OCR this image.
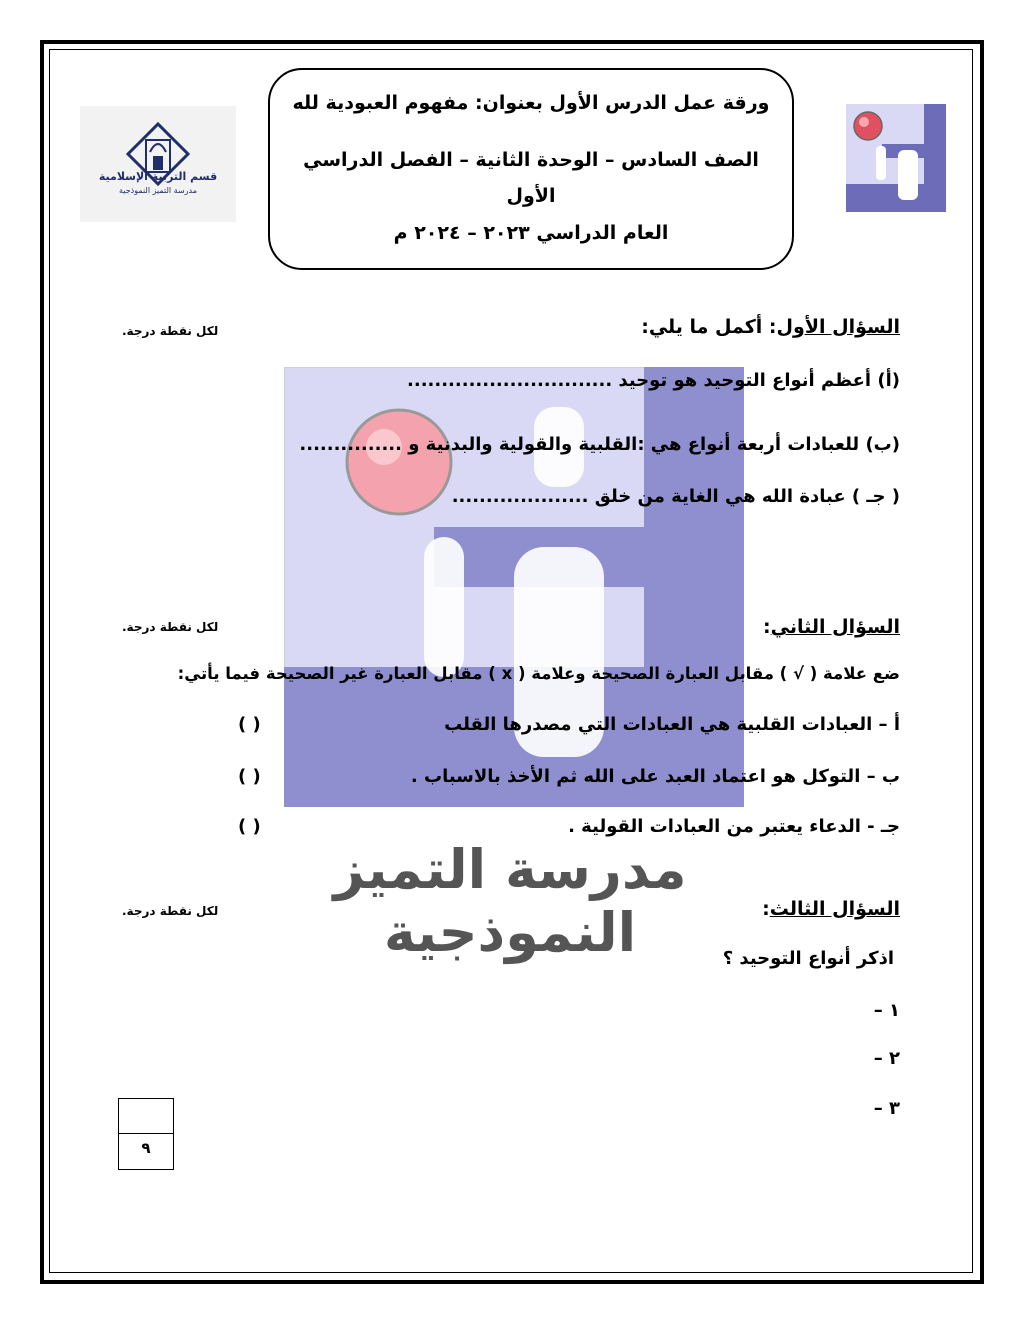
مدرسة التميز النموذجية
ورقة عمل الدرس الأول بعنوان: مفهوم العبودية لله
الصف السادس – الوحدة الثانية – الفصل الدراسي الأول
العام الدراسي ٢٠٢٣ – ٢٠٢٤ م
قسم التربية الإسلامية
مدرسة التميز النموذجية
السؤال الأول: أكمل ما يلي:
لكل نقطة درجة.
(أ) أعظم أنواع التوحيد هو توحيد ..............................
(ب) للعبادات أربعة أنواع هي :القلبية والقولية والبدنية و ...............
( جـ ) عبادة الله هي الغاية من خلق ....................
السؤال الثاني:
لكل نقطة درجة.
ضع علامة ( √ ) مقابل العبارة الصحيحة وعلامة ( x ) مقابل العبارة غير الصحيحة فيما يأتي:
أ – العبادات القلبية هي العبادات التي مصدرها القلب
( )
ب – التوكل هو اعتماد العبد على الله ثم الأخذ بالاسباب .
( )
جـ - الدعاء يعتبر من العبادات القولية .
( )
السؤال الثالث:
لكل نقطة درجة.
اذكر أنواع التوحيد ؟
١ –
٢ –
٣ –
٩
